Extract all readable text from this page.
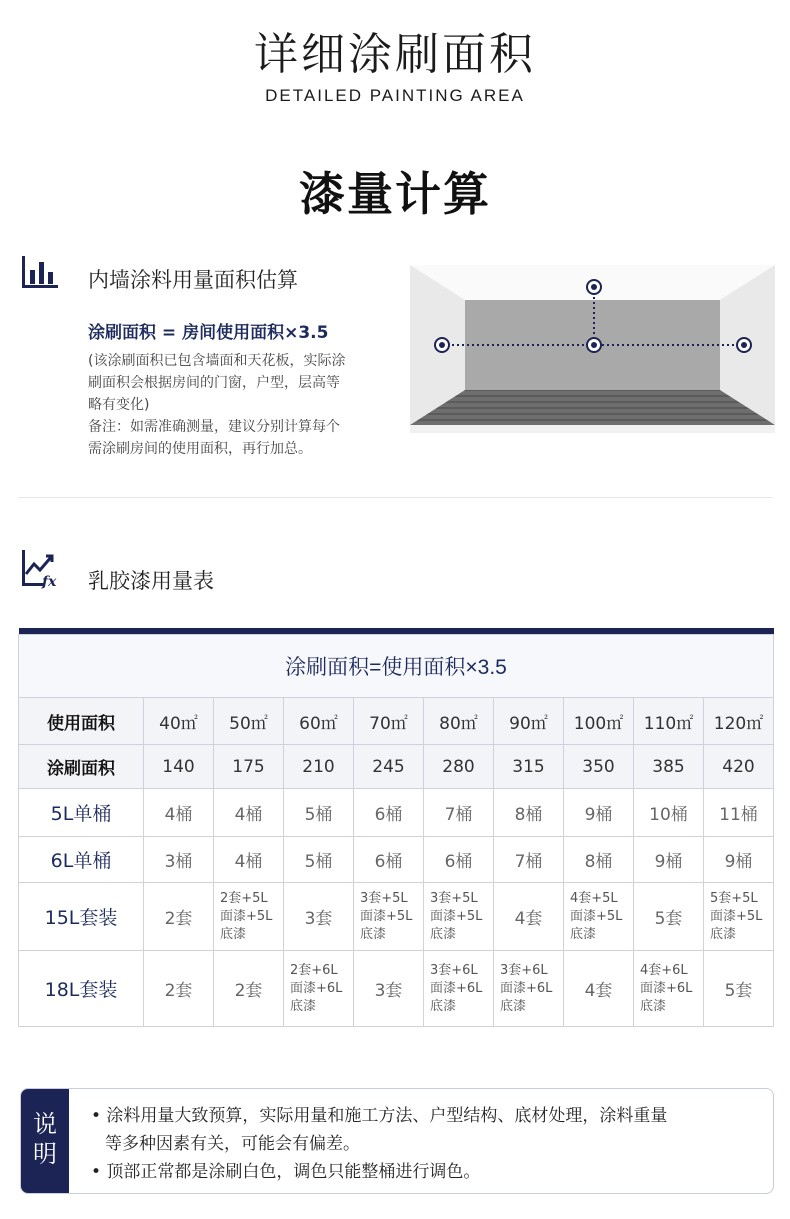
详细涂刷面积
DETAILED PAINTING AREA
漆量计算
内墙涂料用量面积估算
涂刷面积 = 房间使用面积×3.5
(该涂刷面积已包含墙面和天花板，实际涂
刷面积会根据房间的门窗，户型，层高等
略有变化)
备注：如需准确测量，建议分别计算每个
需涂刷房间的使用面积，再行加总。
fx 乳胶漆用量表

涂刷面积=使用面积×3.5									
使用面积	40㎡	50㎡	60㎡	70㎡	80㎡	90㎡	100㎡	110㎡	120㎡
涂刷面积	140	175	210	245	280	315	350	385	420
5L单桶	4桶	4桶	5桶	6桶	7桶	8桶	9桶	10桶	11桶
6L单桶	3桶	4桶	5桶	6桶	6桶	7桶	8桶	9桶	9桶
15L套装	2套	2套+5L
面漆+5L
底漆	3套	3套+5L
面漆+5L
底漆	3套+5L
面漆+5L
底漆	4套	4套+5L
面漆+5L
底漆	5套	5套+5L
面漆+5L
底漆
18L套装	2套	2套	2套+6L
面漆+6L
底漆	3套	3套+6L
面漆+6L
底漆	3套+6L
面漆+6L
底漆	4套	4套+6L
面漆+6L
底漆	5套
说明
• 涂料用量大致预算，实际用量和施工方法、户型结构、底材处理，涂料重量
等多种因素有关，可能会有偏差。
• 顶部正常都是涂刷白色，调色只能整桶进行调色。
